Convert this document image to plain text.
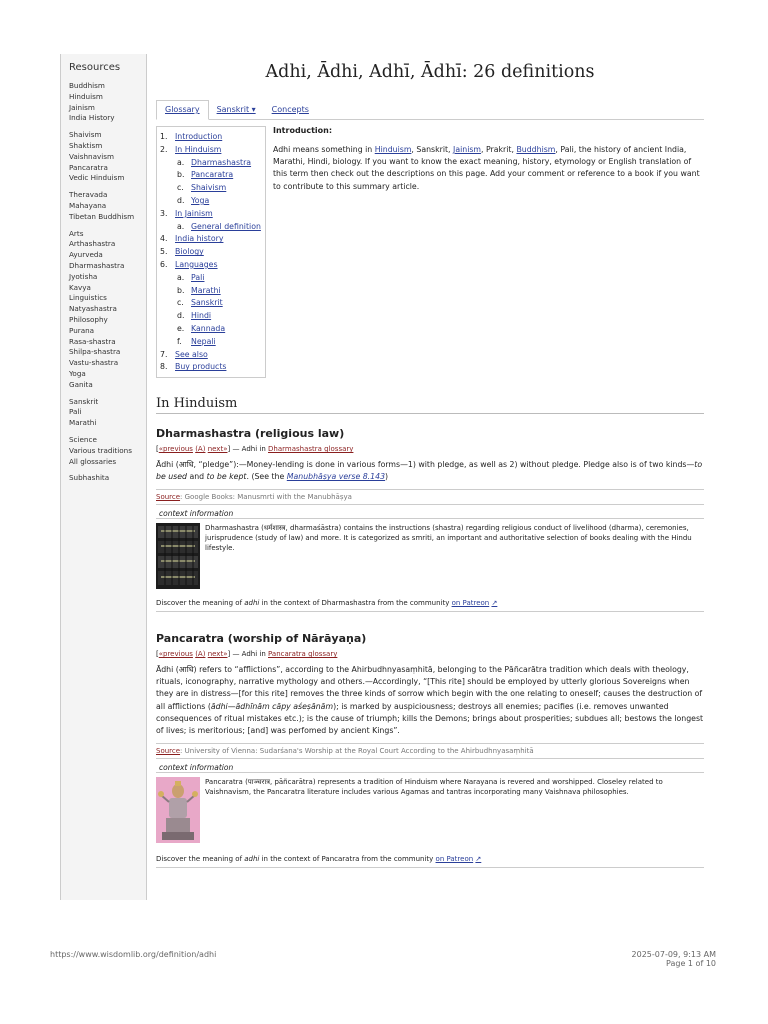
Resources
Buddhism
Hinduism
Jainism
India History
Shaivism
Shaktism
Vaishnavism
Pancaratra
Vedic Hinduism
Theravada
Mahayana
Tibetan Buddhism
Arts
Arthashastra
Ayurveda
Dharmashastra
Jyotisha
Kavya
Linguistics
Natyashastra
Philosophy
Purana
Rasa-shastra
Shilpa-shastra
Vastu-shastra
Yoga
Ganita
Sanskrit
Pali
Marathi
Science
Various traditions
All glossaries
Subhashita
Adhi, Ādhi, Adhī, Ādhī: 26 definitions
Glossary	Sanskrit ▾	Concepts
1. Introduction
2. In Hinduism
a. Dharmashastra
b. Pancaratra
c. Shaivism
d. Yoga
3. In Jainism
a. General definition
4. India history
5. Biology
6. Languages
a. Pali
b. Marathi
c. Sanskrit
d. Hindi
e. Kannada
f. Nepali
7. See also
8. Buy products
Introduction:

Adhi means something in Hinduism, Sanskrit, Jainism, Prakrit, Buddhism, Pali, the history of ancient India, Marathi, Hindi, biology. If you want to know the exact meaning, history, etymology or English translation of this term then check out the descriptions on this page. Add your comment or reference to a book if you want to contribute to this summary article.

In Hinduism
Dharmashastra (religious law)
[«previous (A) next»] — Adhi in Dharmashastra glossary

Ādhi (आधि, “pledge”):—Money-lending is done in various forms—1) with pledge, as well as 2) without pledge. Pledge also is of two kinds—to be used and to be kept. (See the Manubhāṣya verse 8.143)

Source: Google Books: Manusmrti with the Manubhāṣya
context information

Dharmashastra (धर्मशास्त्र, dharmaśāstra) contains the instructions (shastra) regarding religious conduct of livelihood (dharma), ceremonies, jurisprudence (study of law) and more. It is categorized as smriti, an important and authoritative selection of books dealing with the Hindu lifestyle.

Discover the meaning of adhi in the context of Dharmashastra from the community on Patreon ↗
Pancaratra (worship of Nārāyaṇa)
[«previous (A) next»] — Adhi in Pancaratra glossary

Ādhi (आधि) refers to “afflictions”, according to the Ahirbudhnyasaṃhitā, belonging to the Pāñcarātra tradition which deals with theology, rituals, iconography, narrative mythology and others.—Accordingly, “[This rite] should be employed by utterly glorious Sovereigns when they are in distress—[for this rite] removes the three kinds of sorrow which begin with the one relating to oneself; causes the destruction of all afflictions (ādhi—ādhīnām cāpy aśeṣānām); is marked by auspiciousness; destroys all enemies; pacifies (i.e. removes unwanted consequences of ritual mistakes etc.); is the cause of triumph; kills the Demons; brings about prosperities; subdues all; bestows the longest of lives; is meritorious; [and] was perfomed by ancient Kings”.

Source: University of Vienna: Sudarśana's Worship at the Royal Court According to the Ahirbudhnyasaṃhitā
context information

Pancaratra (पाञ्चरात्र, pāñcarātra) represents a tradition of Hinduism where Narayana is revered and worshipped. Closeley related to Vaishnavism, the Pancaratra literature includes various Agamas and tantras incorporating many Vaishnava philosophies.

Discover the meaning of adhi in the context of Pancaratra from the community on Patreon ↗
https://www.wisdomlib.org/definition/adhi	2025-07-09, 9:13 AM
Page 1 of 10
